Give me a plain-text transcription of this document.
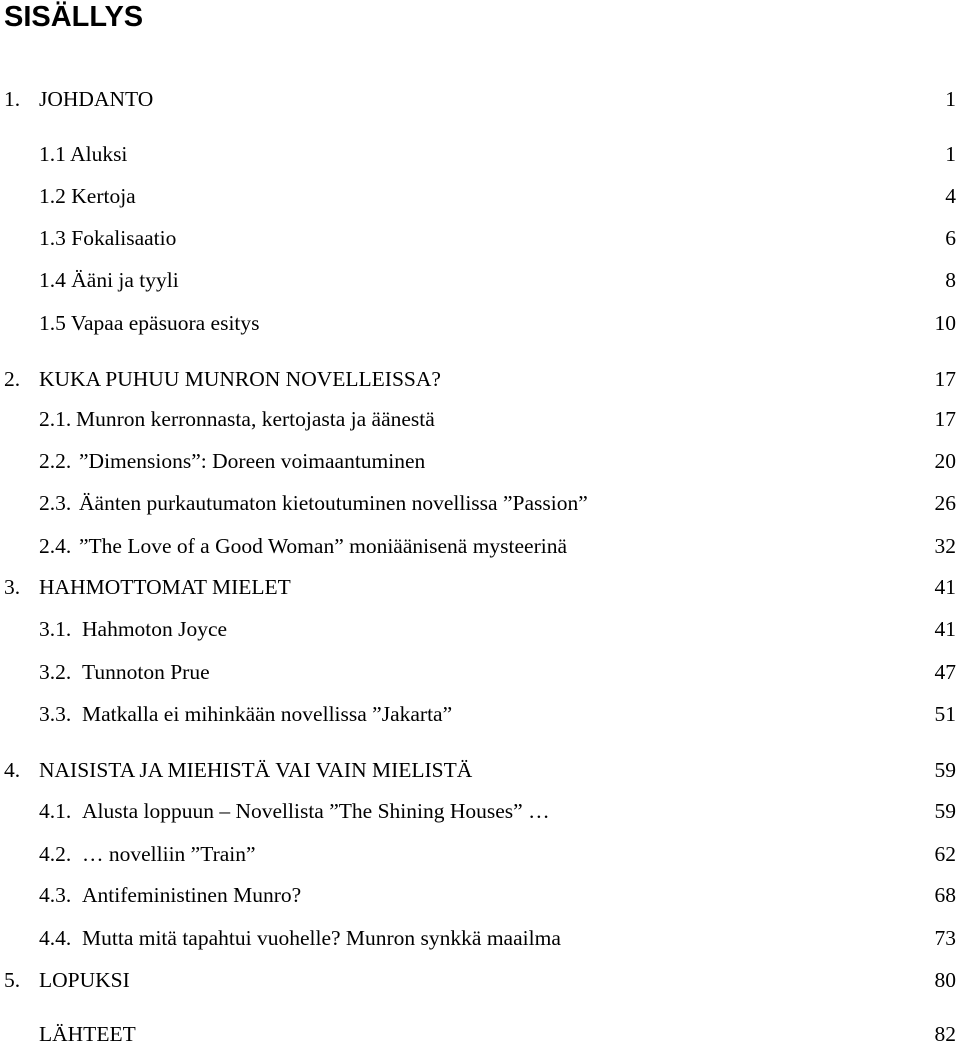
SISÄLLYS
1. JOHDANTO	1
1.1 Aluksi	1
1.2 Kertoja	4
1.3 Fokalisaatio	6
1.4 Ääni ja tyyli	8
1.5 Vapaa epäsuora esitys	10
2. KUKA PUHUU MUNRON NOVELLEISSA?	17
2.1. Munron kerronnasta, kertojasta ja äänestä	17
2.2. ”Dimensions”: Doreen voimaantuminen	20
2.3. Äänten purkautumaton kietoutuminen novellissa ”Passion”	26
2.4. ”The Love of a Good Woman” moniäänisenä mysteerinä	32
3. HAHMOTTOMAT MIELET	41
3.1. Hahmoton Joyce	41
3.2. Tunnoton Prue	47
3.3. Matkalla ei mihinkään novellissa ”Jakarta”	51
4. NAISISTA JA MIEHISTÄ VAI VAIN MIELISTÄ	59
4.1. Alusta loppuun – Novellista ”The Shining Houses” …	59
4.2. … novelliin ”Train”	62
4.3. Antifeministinen Munro?	68
4.4. Mutta mitä tapahtui vuohelle? Munron synkkä maailma	73
5. LOPUKSI	80
LÄHTEET	82
